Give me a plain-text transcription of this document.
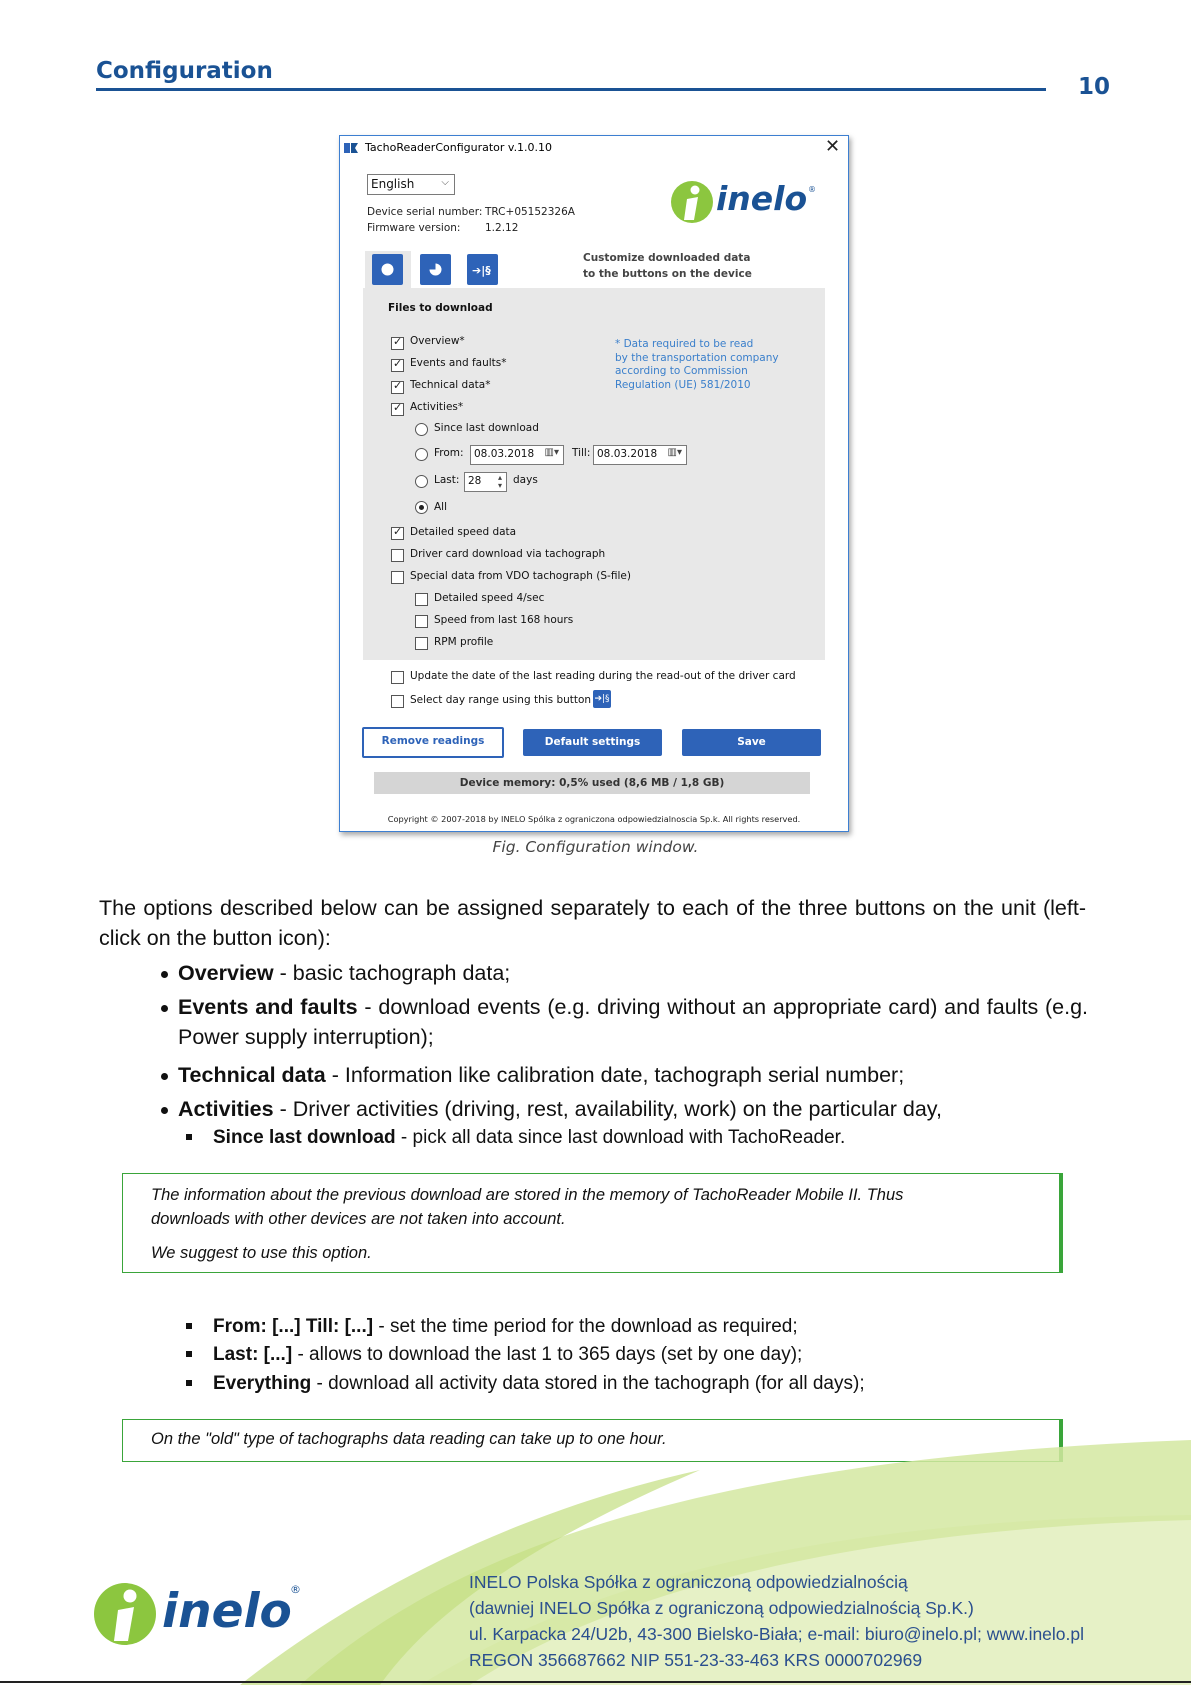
Configuration
10
TachoReaderConfigurator v.1.0.10	✕
English	⌵
Device serial number: TRC+05152326A
Firmware version: 1.2.12
inelo ®
➔|§
Customize downloaded data
to the buttons on the device
Files to download
✓
Overview*
✓
Events and faults*
✓
Technical data*
✓
Activities*
* Data required to be read
by the transportation company
according to Commission
Regulation (UE) 581/2010
Since last download
From: 08.03.2018 ▥▾ Till: 08.03.2018 ▥▾
Last: 28 ▴
▾ days
All
✓
Detailed speed data
Driver card download via tachograph
Special data from VDO tachograph (S-file)
Detailed speed 4/sec
Speed from last 168 hours
RPM profile
Update the date of the last reading during the read-out of the driver card
Select day range using this button ➔|§
Remove readings	Default settings	Save
Device memory: 0,5% used (8,6 MB / 1,8 GB)
Copyright © 2007-2018 by INELO Spólka z ograniczona odpowiedzialnoscia Sp.k. All rights reserved.
Fig. Configuration window.
The options described below can be assigned separately to each of the three buttons on the unit (left-click on the button icon):
Overview - basic tachograph data;
Events and faults - download events (e.g. driving without an appropriate card) and faults (e.g. Power supply interruption);
Technical data - Information like calibration date, tachograph serial number;
Activities - Driver activities (driving, rest, availability, work) on the particular day,
Since last download - pick all data since last download with TachoReader.
The information about the previous download are stored in the memory of TachoReader Mobile II. Thus
downloads with other devices are not taken into account.
We suggest to use this option.
From: [...] Till: [...] - set the time period for the download as required;
Last: [...] - allows to download the last 1 to 365 days (set by one day);
Everything - download all activity data stored in the tachograph (for all days);
On the "old" type of tachographs data reading can take up to one hour.
inelo
®	INELO Polska Spółka z ograniczoną odpowiedzialnością
(dawniej INELO Spółka z ograniczoną odpowiedzialnością Sp.K.)
ul. Karpacka 24/U2b, 43-300 Bielsko-Biała; e-mail: biuro@inelo.pl; www.inelo.pl
REGON 356687662 NIP 551-23-33-463 KRS 0000702969
